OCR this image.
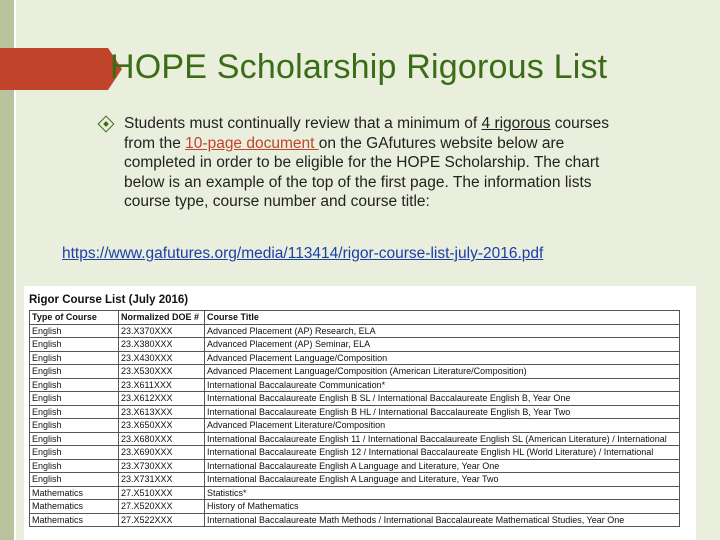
HOPE Scholarship Rigorous List
Students must continually review that a minimum of 4 rigorous courses from the 10-page document on the GAfutures website below are completed in order to be eligible for the HOPE Scholarship. The chart below is an example of the top of the first page. The information lists course type, course number and course title:
https://www.gafutures.org/media/113414/rigor-course-list-july-2016.pdf
Rigor Course List (July 2016)
Type of Course	Normalized DOE #	Course Title
English	23.X370XXX	Advanced Placement (AP) Research, ELA
English	23.X380XXX	Advanced Placement (AP) Seminar, ELA
English	23.X430XXX	Advanced Placement Language/Composition
English	23.X530XXX	Advanced Placement Language/Composition (American Literature/Composition)
English	23.X611XXX	International Baccalaureate Communication*
English	23.X612XXX	International Baccalaureate English B SL / International Baccalaureate English B, Year One
English	23.X613XXX	International Baccalaureate English B HL / International Baccalaureate English B, Year Two
English	23.X650XXX	Advanced Placement Literature/Composition
English	23.X680XXX	International Baccalaureate English 11 / International Baccalaureate English SL (American Literature) / International
English	23.X690XXX	International Baccalaureate English 12 / International Baccalaureate English HL (World Literature) / International
English	23.X730XXX	International Baccalaureate English A Language and Literature, Year One
English	23.X731XXX	International Baccalaureate English A Language and Literature, Year Two
Mathematics	27.X510XXX	Statistics*
Mathematics	27.X520XXX	History of Mathematics
Mathematics	27.X522XXX	International Baccalaureate Math Methods / International Baccalaureate Mathematical Studies, Year One
